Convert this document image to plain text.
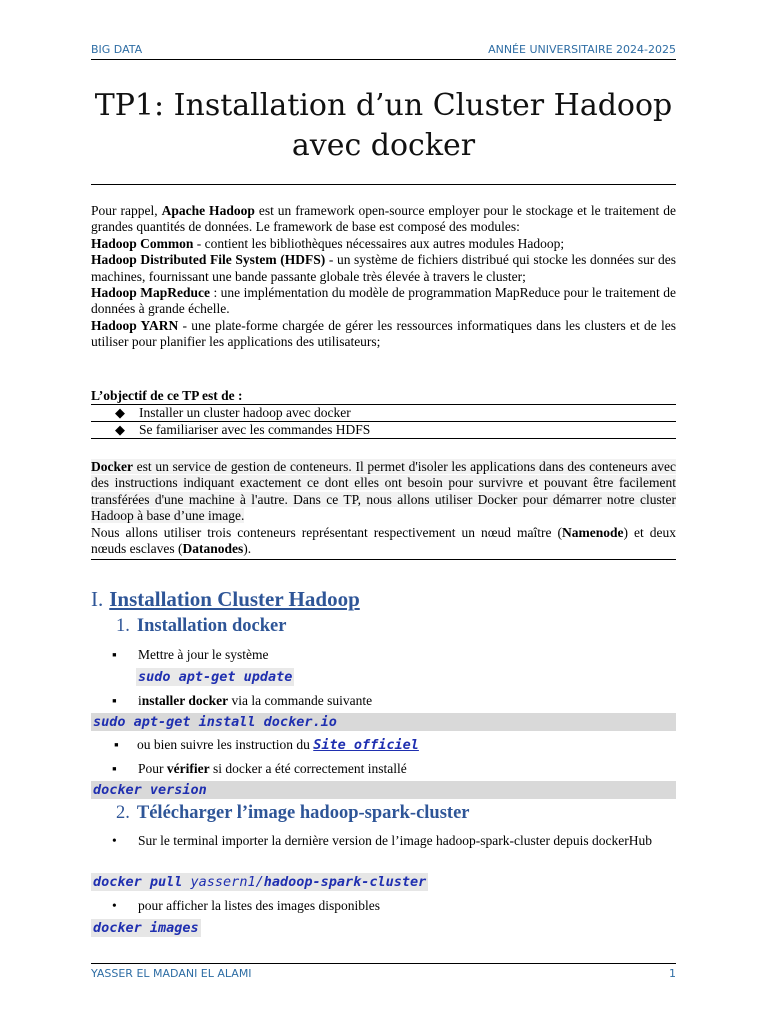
BIG DATA	ANNÉE UNIVERSITAIRE 2024-2025
TP1: Installation d’un Cluster Hadoop
avec docker

Pour rappel, Apache Hadoop est un framework open-source employer pour le stockage et le traitement de grandes quantités de données. Le framework de base est composé des modules:

Hadoop Common - contient les bibliothèques nécessaires aux autres modules Hadoop;

Hadoop Distributed File System (HDFS) - un système de fichiers distribué qui stocke les données sur des machines, fournissant une bande passante globale très élevée à travers le cluster;

Hadoop MapReduce : une implémentation du modèle de programmation MapReduce pour le traitement de données à grande échelle.

Hadoop YARN - une plate-forme chargée de gérer les ressources informatiques dans les clusters et de les utiliser pour planifier les applications des utilisateurs;

L’objectif de ce TP est de :
◆ Installer un cluster hadoop avec docker
◆ Se familiariser avec les commandes HDFS

Docker est un service de gestion de conteneurs. Il permet d'isoler les applications dans des conteneurs avec des instructions indiquant exactement ce dont elles ont besoin pour survivre et pouvant être facilement transférées d'une machine à l'autre. Dans ce TP, nous allons utiliser Docker pour démarrer notre cluster Hadoop à base d’une image.

Nous allons utiliser trois conteneurs représentant respectivement un nœud maître (Namenode) et deux nœuds esclaves (Datanodes).

I. Installation Cluster Hadoop
1. Installation docker
▪	Mettre à jour le système
sudo apt-get update
▪	installer docker via la commande suivante
sudo apt-get install docker.io
▪	ou bien suivre les instruction du Site officiel
▪	Pour vérifier si docker a été correctement installé
docker version
2. Télécharger l’image hadoop-spark-cluster
•	Sur le terminal importer la dernière version de l’image hadoop-spark-cluster depuis dockerHub
docker pull yassern1/hadoop-spark-cluster
•	pour afficher la listes des images disponibles
docker images
YASSER EL MADANI EL ALAMI	1
